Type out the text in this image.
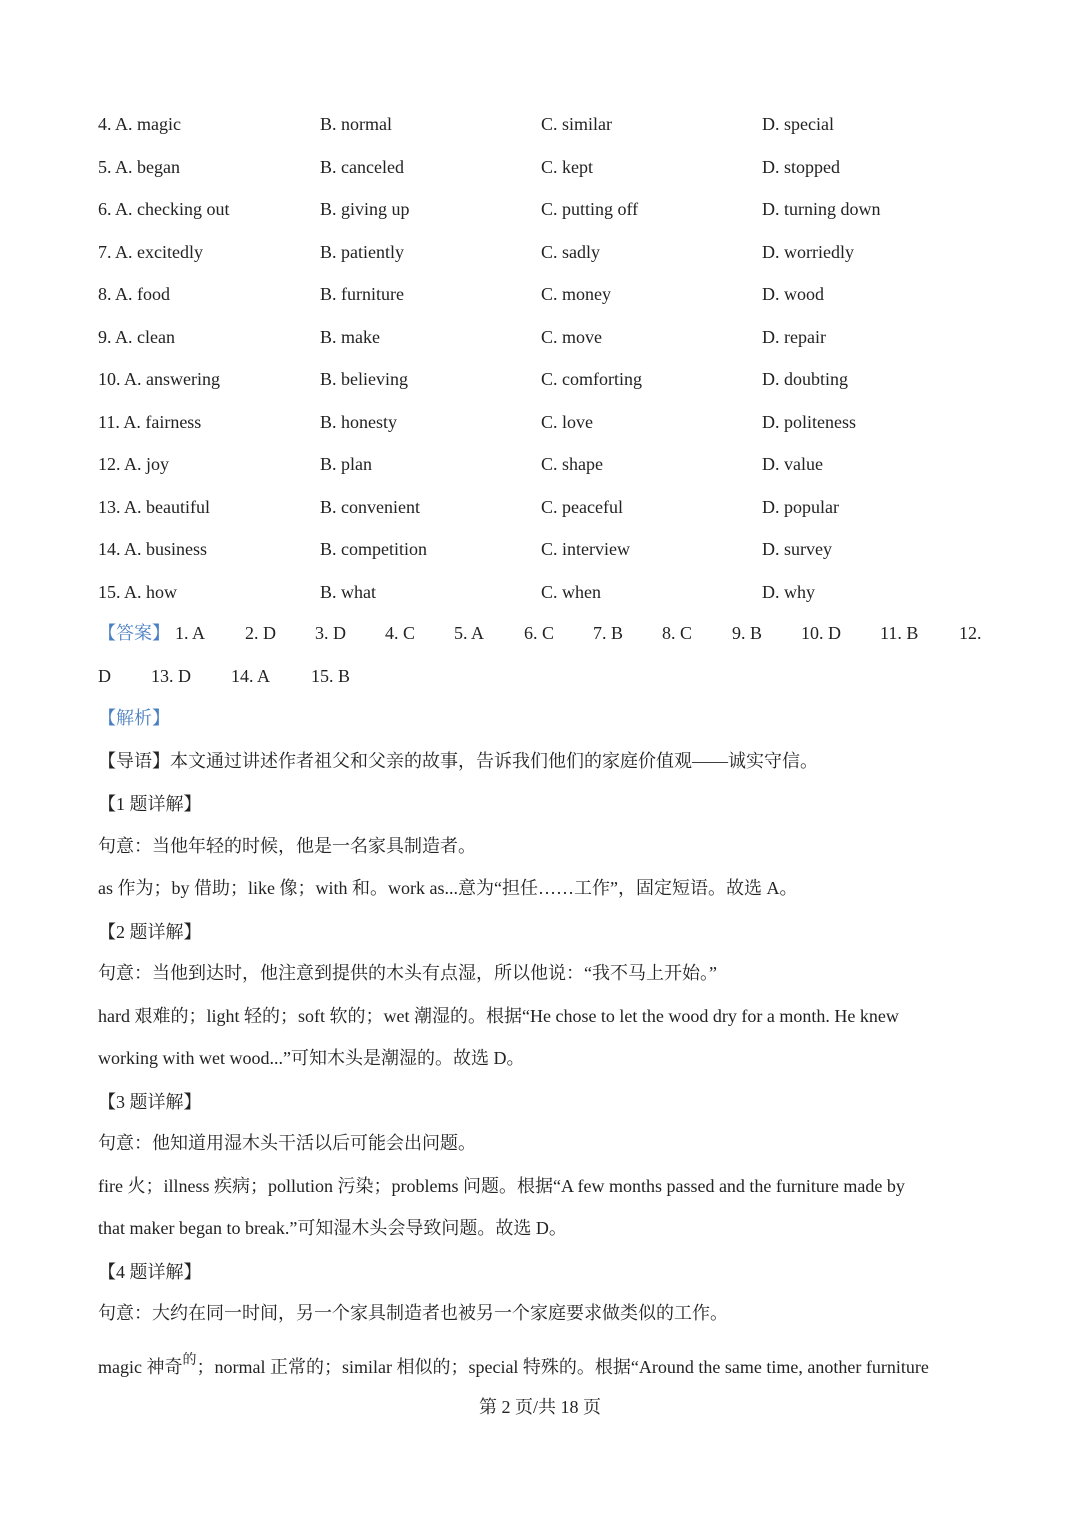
4. A. magic	B. normal	C. similar	D. special
5. A. began	B. canceled	C. kept	D. stopped
6. A. checking out	B. giving up	C. putting off	D. turning down
7. A. excitedly	B. patiently	C. sadly	D. worriedly
8. A. food	B. furniture	C. money	D. wood
9. A. clean	B. make	C. move	D. repair
10. A. answering	B. believing	C. comforting	D. doubting
11. A. fairness	B. honesty	C. love	D. politeness
12. A. joy	B. plan	C. shape	D. value
13. A. beautiful	B. convenient	C. peaceful	D. popular
14. A. business	B. competition	C. interview	D. survey
15. A. how	B. what	C. when	D. why
【答案】 1. A 2. D 3. D 4. C 5. A 6. C 7. B 8. C 9. B 10. D 11. B 12.
D 13. D 14. A 15. B
【解析】
【导语】本文通过讲述作者祖父和父亲的故事，告诉我们他们的家庭价值观——诚实守信。
【1 题详解】
句意：当他年轻的时候，他是一名家具制造者。
as 作为；by 借助；like 像；with 和。work as...意为“担任……工作”，固定短语。故选 A。
【2 题详解】
句意：当他到达时，他注意到提供的木头有点湿，所以他说：“我不马上开始。”
hard 艰难的；light 轻的；soft 软的；wet 潮湿的。根据“He chose to let the wood dry for a month. He knew
working with wet wood...”可知木头是潮湿的。故选 D。
【3 题详解】
句意：他知道用湿木头干活以后可能会出问题。
fire 火；illness 疾病；pollution 污染；problems 问题。根据“A few months passed and the furniture made by
that maker began to break.”可知湿木头会导致问题。故选 D。
【4 题详解】
句意：大约在同一时间，另一个家具制造者也被另一个家庭要求做类似的工作。
magic 神奇$^的$；normal 正常的；similar 相似的；special 特殊的。根据“Around the same time, another furniture
第 2 页/共 18 页
